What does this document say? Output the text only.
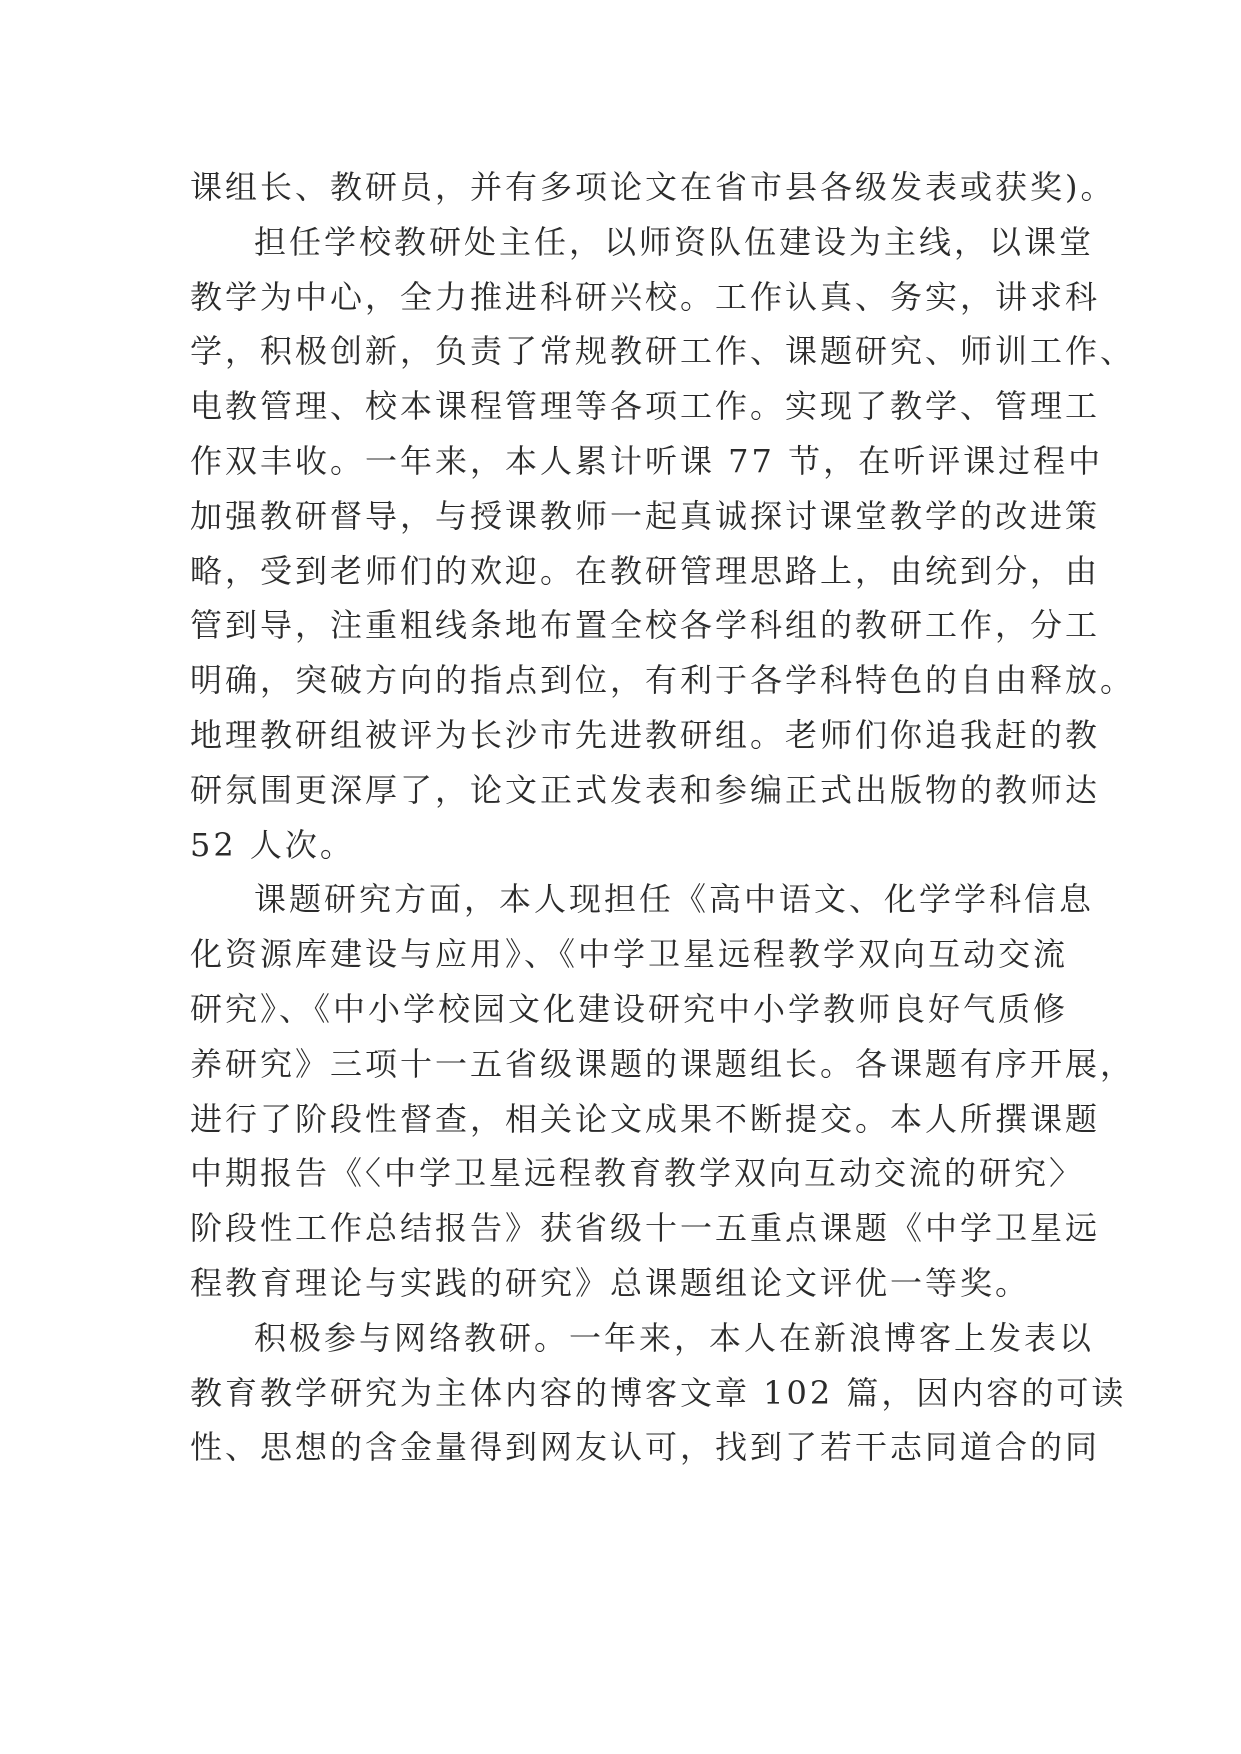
课组长、教研员，并有多项论文在省市县各级发表或获奖)。
担任学校教研处主任，以师资队伍建设为主线，以课堂
教学为中心，全力推进科研兴校。工作认真、务实，讲求科
学，积极创新，负责了常规教研工作、课题研究、师训工作、
电教管理、校本课程管理等各项工作。实现了教学、管理工
作双丰收。一年来，本人累计听课 77 节，在听评课过程中
加强教研督导，与授课教师一起真诚探讨课堂教学的改进策
略，受到老师们的欢迎。在教研管理思路上，由统到分，由
管到导，注重粗线条地布置全校各学科组的教研工作，分工
明确，突破方向的指点到位，有利于各学科特色的自由释放。
地理教研组被评为长沙市先进教研组。老师们你追我赶的教
研氛围更深厚了，论文正式发表和参编正式出版物的教师达
52 人次。
课题研究方面，本人现担任《高中语文、化学学科信息
化资源库建设与应用》、《中学卫星远程教学双向互动交流
研究》、《中小学校园文化建设研究中小学教师良好气质修
养研究》三项十一五省级课题的课题组长。各课题有序开展，
进行了阶段性督查，相关论文成果不断提交。本人所撰课题
中期报告《〈中学卫星远程教育教学双向互动交流的研究〉
阶段性工作总结报告》获省级十一五重点课题《中学卫星远
程教育理论与实践的研究》总课题组论文评优一等奖。
积极参与网络教研。一年来，本人在新浪博客上发表以
教育教学研究为主体内容的博客文章 102 篇，因内容的可读
性、思想的含金量得到网友认可，找到了若干志同道合的同
